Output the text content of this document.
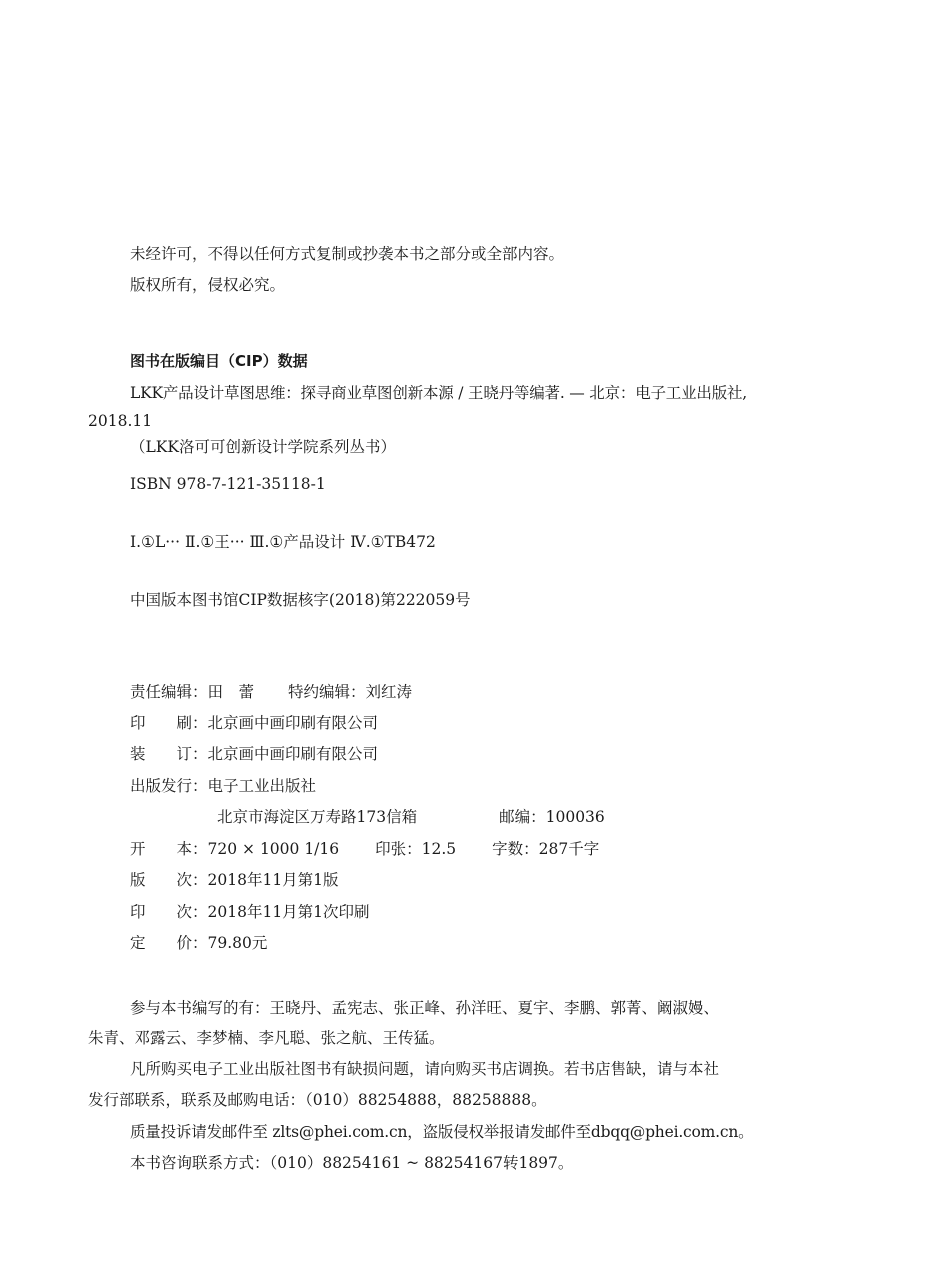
未经许可，不得以任何方式复制或抄袭本书之部分或全部内容。
版权所有，侵权必究。
图书在版编目（CIP）数据
LKK产品设计草图思维：探寻商业草图创新本源 / 王晓丹等编著. — 北京：电子工业出版社,
2018.11
（LKK洛可可创新设计学院系列丛书）
ISBN 978-7-121-35118-1
Ⅰ.①L··· Ⅱ.①王··· Ⅲ.①产品设计 Ⅳ.①TB472
中国版本图书馆CIP数据核字(2018)第222059号
责任编辑：田　蕾 特约编辑：刘红涛
印　　刷：北京画中画印刷有限公司
装　　订：北京画中画印刷有限公司
出版发行：电子工业出版社
北京市海淀区万寿路173信箱	邮编：100036
开　　本：720 × 1000 1/16 印张：12.5 字数：287千字
版　　次：2018年11月第1版
印　　次：2018年11月第1次印刷
定　　价：79.80元
参与本书编写的有：王晓丹、孟宪志、张正峰、孙洋旺、夏宇、李鹏、郭菁、阚淑嫚、
朱青、邓露云、李梦楠、李凡聪、张之航、王传猛。
凡所购买电子工业出版社图书有缺损问题，请向购买书店调换。若书店售缺，请与本社
发行部联系，联系及邮购电话：（010）88254888，88258888。
质量投诉请发邮件至 zlts@phei.com.cn，盗版侵权举报请发邮件至dbqq@phei.com.cn。
本书咨询联系方式：（010）88254161 ~ 88254167转1897。
